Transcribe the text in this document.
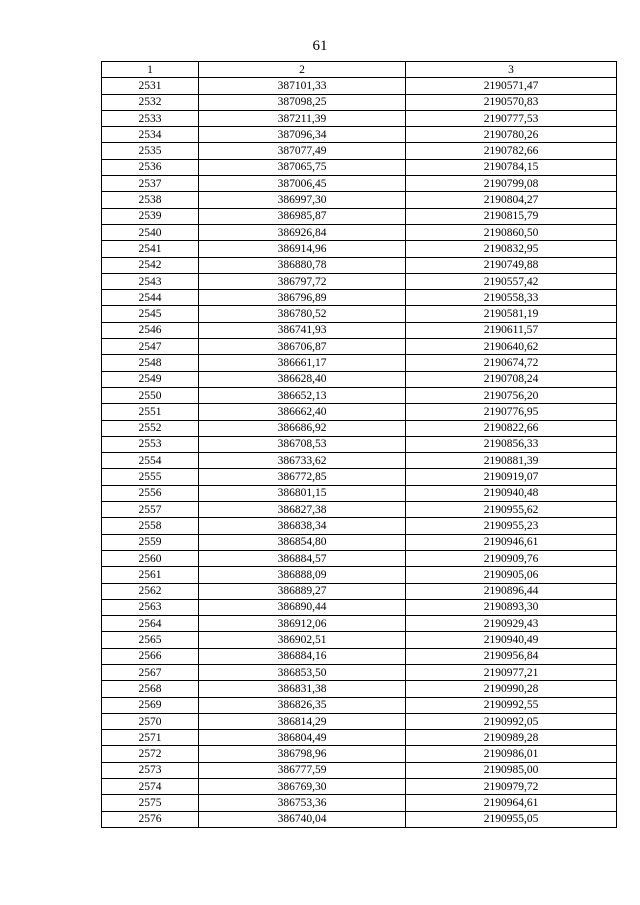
61
1	2	3
2531	387101,33	2190571,47
2532	387098,25	2190570,83
2533	387211,39	2190777,53
2534	387096,34	2190780,26
2535	387077,49	2190782,66
2536	387065,75	2190784,15
2537	387006,45	2190799,08
2538	386997,30	2190804,27
2539	386985,87	2190815,79
2540	386926,84	2190860,50
2541	386914,96	2190832,95
2542	386880,78	2190749,88
2543	386797,72	2190557,42
2544	386796,89	2190558,33
2545	386780,52	2190581,19
2546	386741,93	2190611,57
2547	386706,87	2190640,62
2548	386661,17	2190674,72
2549	386628,40	2190708,24
2550	386652,13	2190756,20
2551	386662,40	2190776,95
2552	386686,92	2190822,66
2553	386708,53	2190856,33
2554	386733,62	2190881,39
2555	386772,85	2190919,07
2556	386801,15	2190940,48
2557	386827,38	2190955,62
2558	386838,34	2190955,23
2559	386854,80	2190946,61
2560	386884,57	2190909,76
2561	386888,09	2190905,06
2562	386889,27	2190896,44
2563	386890,44	2190893,30
2564	386912,06	2190929,43
2565	386902,51	2190940,49
2566	386884,16	2190956,84
2567	386853,50	2190977,21
2568	386831,38	2190990,28
2569	386826,35	2190992,55
2570	386814,29	2190992,05
2571	386804,49	2190989,28
2572	386798,96	2190986,01
2573	386777,59	2190985,00
2574	386769,30	2190979,72
2575	386753,36	2190964,61
2576	386740,04	2190955,05
